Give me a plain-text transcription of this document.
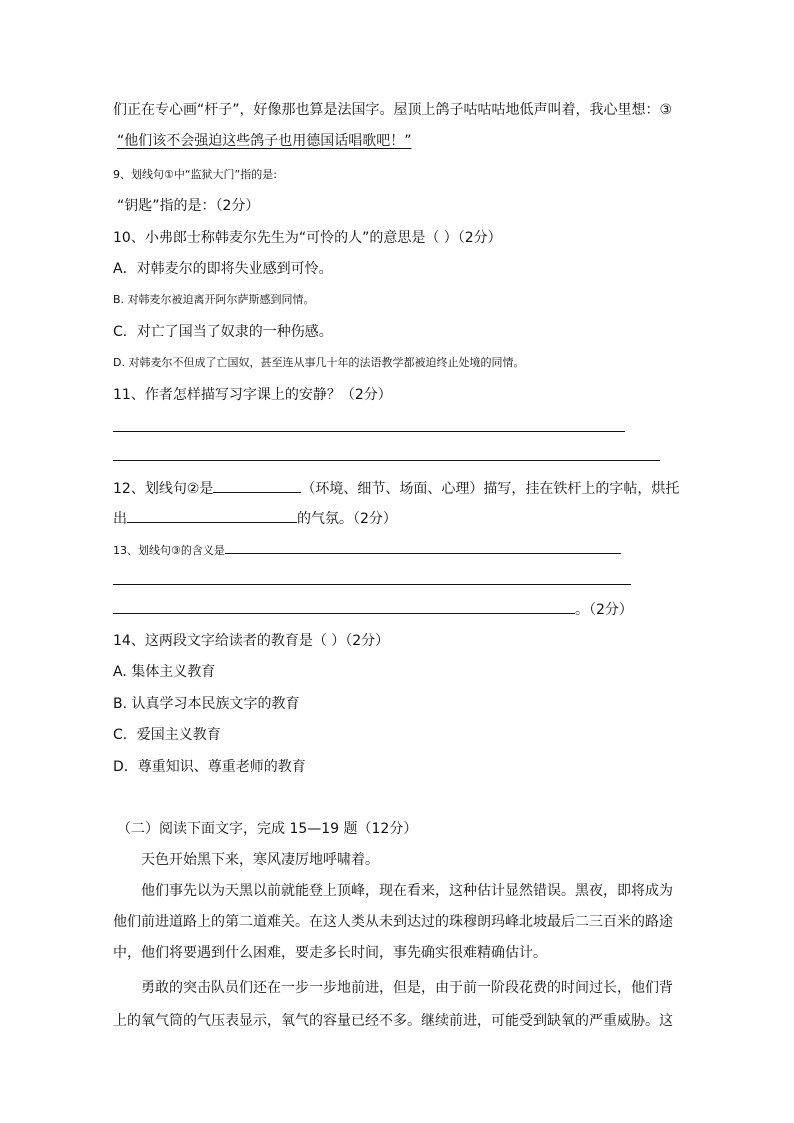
们正在专心画“杆子”，好像那也算是法国字。屋顶上鸽子咕咕咕地低声叫着，我心里想：③
“他们该不会强迫这些鸽子也用德国话唱歌吧！”
9、划线句①中“监狱大门”指的是:
“钥匙”指的是：（2分）
10、小弗郎士称韩麦尔先生为“可怜的人”的意思是（ ）（2分）
A．对韩麦尔的即将失业感到可怜。
B. 对韩麦尔被迫离开阿尔萨斯感到同情。
C．对亡了国当了奴隶的一种伤感。
D. 对韩麦尔不但成了亡国奴，甚至连从事几十年的法语教学都被迫终止处境的同情。
11、作者怎样描写习字课上的安静？（2分）
12、划线句②是	（环境、细节、场面、心理）描写，挂在铁杆上的字帖，烘托
出	的气氛。（2分）
13、划线句③的含义是
。（2分）
14、这两段文字给读者的教育是（ ）（2分）
A. 集体主义教育
B. 认真学习本民族文字的教育
C．爱国主义教育
D．尊重知识、尊重老师的教育
（二）阅读下面文字，完成 15—19 题（12分）
天色开始黑下来，寒风凄厉地呼啸着。
他们事先以为天黑以前就能登上顶峰，现在看来，这种估计显然错误。黑夜，即将成为
他们前进道路上的第二道难关。在这人类从未到达过的珠穆朗玛峰北坡最后二三百米的路途
中，他们将要遇到什么困难，要走多长时间，事先确实很难精确估计。
勇敢的突击队员们还在一步一步地前进，但是，由于前一阶段花费的时间过长，他们背
上的氧气筒的气压表显示，氧气的容量已经不多。继续前进，可能受到缺氧的严重威胁。这
